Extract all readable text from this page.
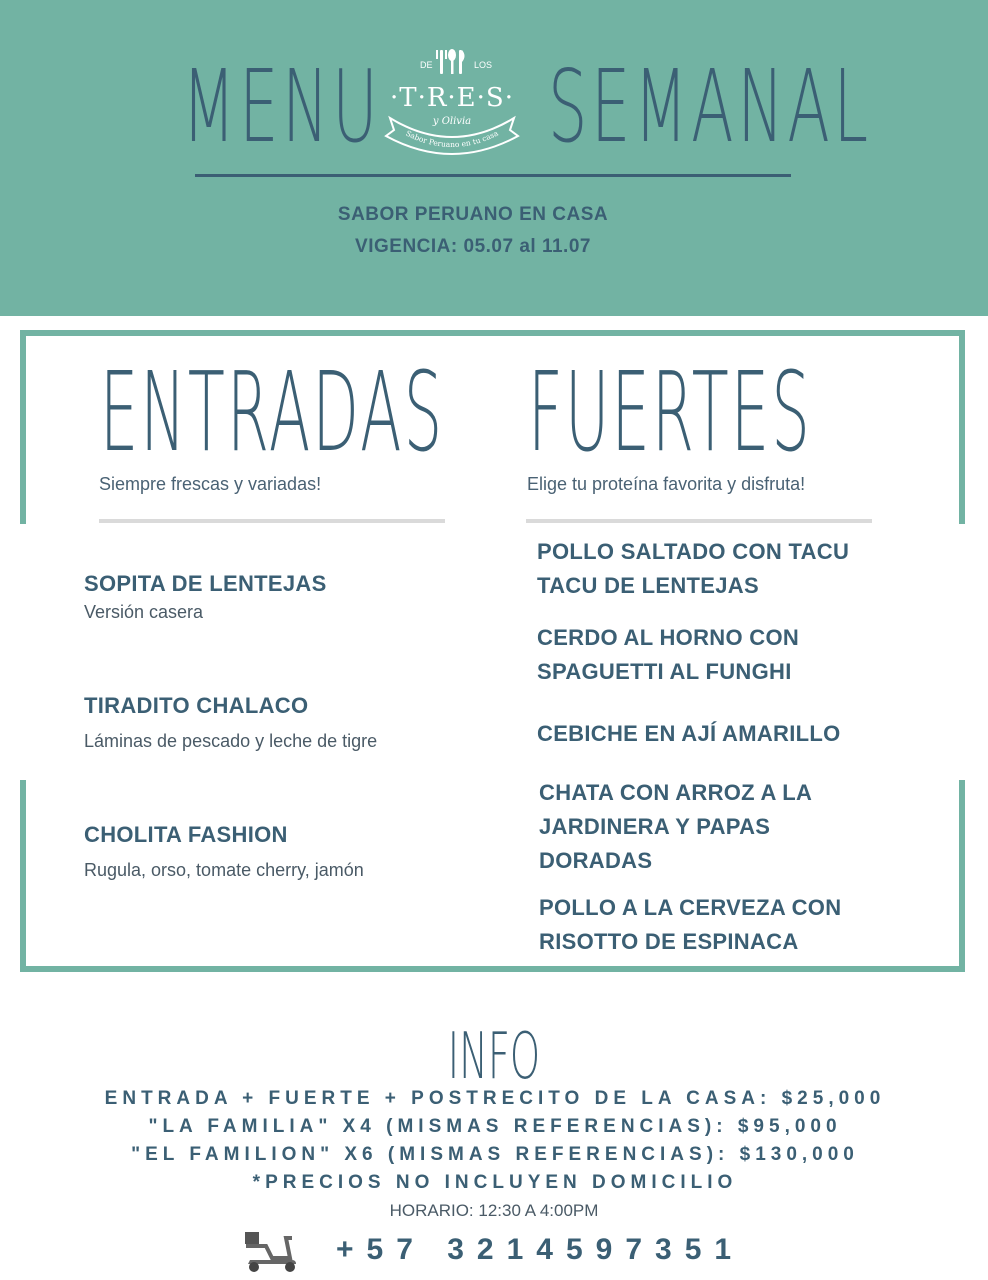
MENU SEMANAL
DE	LOS
·T·R·E·S·
y Olivia
Sabor Peruano en tu casa
SABOR PERUANO EN CASA
VIGENCIA: 05.07 al 11.07
ENTRADAS
Siempre frescas y variadas!
SOPITA DE LENTEJAS
Versión casera
TIRADITO CHALACO
Láminas de pescado y leche de tigre
CHOLITA FASHION
Rugula, orso, tomate cherry, jamón
FUERTES
Elige tu proteína favorita y disfruta!
POLLO SALTADO CON TACU
TACU DE LENTEJAS
CERDO AL HORNO CON
SPAGUETTI AL FUNGHI
CEBICHE EN AJÍ AMARILLO
CHATA CON ARROZ A LA
JARDINERA Y PAPAS
DORADAS
POLLO A LA CERVEZA CON
RISOTTO DE ESPINACA
INFO
ENTRADA + FUERTE + POSTRECITO DE LA CASA: $25,000
"LA FAMILIA" X4 (MISMAS REFERENCIAS): $95,000
"EL FAMILION" X6 (MISMAS REFERENCIAS): $130,000
*PRECIOS NO INCLUYEN DOMICILIO
HORARIO: 12:30 A 4:00PM
+57 3214597351
